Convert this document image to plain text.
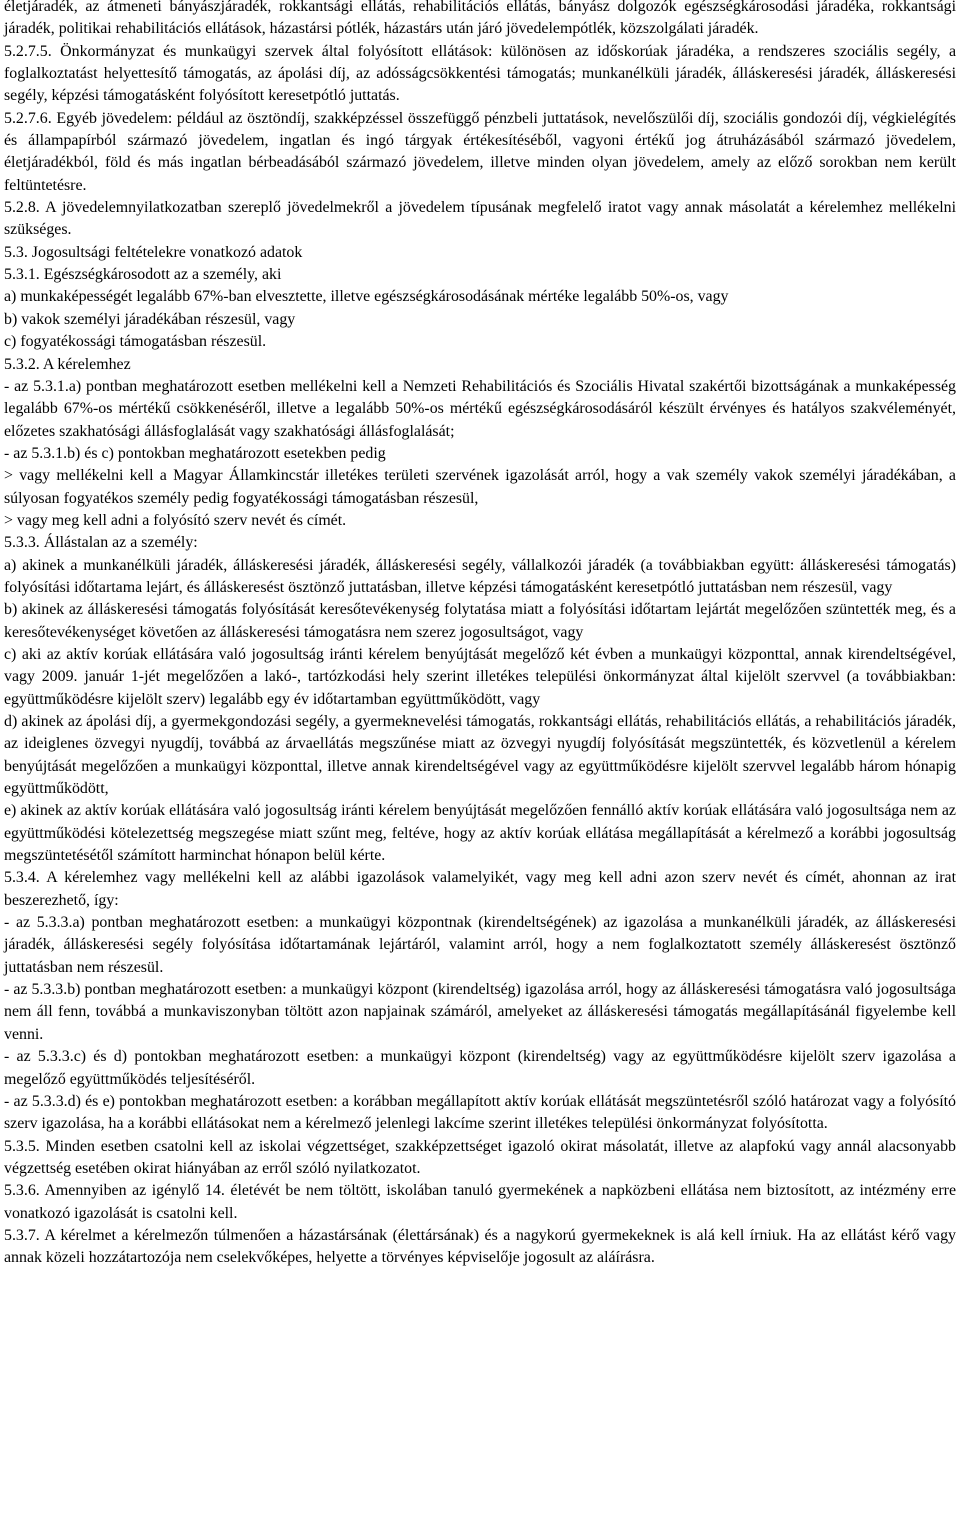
életjáradék, az átmeneti bányászjáradék, rokkantsági ellátás, rehabilitációs ellátás, bányász dolgozók egészségkárosodási járadéka, rokkantsági járadék, politikai rehabilitációs ellátások, házastársi pótlék, házastárs után járó jövedelempótlék, közszolgálati járadék.

5.2.7.5. Önkormányzat és munkaügyi szervek által folyósított ellátások: különösen az időskorúak járadéka, a rendszeres szociális segély, a foglalkoztatást helyettesítő támogatás, az ápolási díj, az adósságcsökkentési támogatás; munkanélküli járadék, álláskeresési járadék, álláskeresési segély, képzési támogatásként folyósított keresetpótló juttatás.

5.2.7.6. Egyéb jövedelem: például az ösztöndíj, szakképzéssel összefüggő pénzbeli juttatások, nevelőszülői díj, szociális gondozói díj, végkielégítés és állampapírból származó jövedelem, ingatlan és ingó tárgyak értékesítéséből, vagyoni értékű jog átruházásából származó jövedelem, életjáradékból, föld és más ingatlan bérbeadásából származó jövedelem, illetve minden olyan jövedelem, amely az előző sorokban nem került feltüntetésre.

5.2.8. A jövedelemnyilatkozatban szereplő jövedelmekről a jövedelem típusának megfelelő iratot vagy annak másolatát a kérelemhez mellékelni szükséges.

5.3. Jogosultsági feltételekre vonatkozó adatok

5.3.1. Egészségkárosodott az a személy, aki

a) munkaképességét legalább 67%-ban elvesztette, illetve egészségkárosodásának mértéke legalább 50%-os, vagy

b) vakok személyi járadékában részesül, vagy

c) fogyatékossági támogatásban részesül.

5.3.2. A kérelemhez

- az 5.3.1.a) pontban meghatározott esetben mellékelni kell a Nemzeti Rehabilitációs és Szociális Hivatal szakértői bizottságának a munkaképesség legalább 67%-os mértékű csökkenéséről, illetve a legalább 50%-os mértékű egészségkárosodásáról készült érvényes és hatályos szakvéleményét, előzetes szakhatósági állásfoglalását vagy szakhatósági állásfoglalását;

- az 5.3.1.b) és c) pontokban meghatározott esetekben pedig

> vagy mellékelni kell a Magyar Államkincstár illetékes területi szervének igazolását arról, hogy a vak személy vakok személyi járadékában, a súlyosan fogyatékos személy pedig fogyatékossági támogatásban részesül,

> vagy meg kell adni a folyósító szerv nevét és címét.

5.3.3. Állástalan az a személy:

a) akinek a munkanélküli járadék, álláskeresési járadék, álláskeresési segély, vállalkozói járadék (a továbbiakban együtt: álláskeresési támogatás) folyósítási időtartama lejárt, és álláskeresést ösztönző juttatásban, illetve képzési támogatásként keresetpótló juttatásban nem részesül, vagy

b) akinek az álláskeresési támogatás folyósítását keresőtevékenység folytatása miatt a folyósítási időtartam lejártát megelőzően szüntették meg, és a keresőtevékenységet követően az álláskeresési támogatásra nem szerez jogosultságot, vagy

c) aki az aktív korúak ellátására való jogosultság iránti kérelem benyújtását megelőző két évben a munkaügyi központtal, annak kirendeltségével, vagy 2009. január 1-jét megelőzően a lakó-, tartózkodási hely szerint illetékes települési önkormányzat által kijelölt szervvel (a továbbiakban: együttműködésre kijelölt szerv) legalább egy év időtartamban együttműködött, vagy

d) akinek az ápolási díj, a gyermekgondozási segély, a gyermeknevelési támogatás, rokkantsági ellátás, rehabilitációs ellátás, a rehabilitációs járadék, az ideiglenes özvegyi nyugdíj, továbbá az árvaellátás megszűnése miatt az özvegyi nyugdíj folyósítását megszüntették, és közvetlenül a kérelem benyújtását megelőzően a munkaügyi központtal, illetve annak kirendeltségével vagy az együttműködésre kijelölt szervvel legalább három hónapig együttműködött,

e) akinek az aktív korúak ellátására való jogosultság iránti kérelem benyújtását megelőzően fennálló aktív korúak ellátására való jogosultsága nem az együttműködési kötelezettség megszegése miatt szűnt meg, feltéve, hogy az aktív korúak ellátása megállapítását a kérelmező a korábbi jogosultság megszüntetésétől számított harminchat hónapon belül kérte.

5.3.4. A kérelemhez vagy mellékelni kell az alábbi igazolások valamelyikét, vagy meg kell adni azon szerv nevét és címét, ahonnan az irat beszerezhető, így:

- az 5.3.3.a) pontban meghatározott esetben: a munkaügyi központnak (kirendeltségének) az igazolása a munkanélküli járadék, az álláskeresési járadék, álláskeresési segély folyósítása időtartamának lejártáról, valamint arról, hogy a nem foglalkoztatott személy álláskeresést ösztönző juttatásban nem részesül.

- az 5.3.3.b) pontban meghatározott esetben: a munkaügyi központ (kirendeltség) igazolása arról, hogy az álláskeresési támogatásra való jogosultsága nem áll fenn, továbbá a munkaviszonyban töltött azon napjainak számáról, amelyeket az álláskeresési támogatás megállapításánál figyelembe kell venni.

- az 5.3.3.c) és d) pontokban meghatározott esetben: a munkaügyi központ (kirendeltség) vagy az együttműködésre kijelölt szerv igazolása a megelőző együttműködés teljesítéséről.

- az 5.3.3.d) és e) pontokban meghatározott esetben: a korábban megállapított aktív korúak ellátását megszüntetésről szóló határozat vagy a folyósító szerv igazolása, ha a korábbi ellátásokat nem a kérelmező jelenlegi lakcíme szerint illetékes települési önkormányzat folyósította.

5.3.5. Minden esetben csatolni kell az iskolai végzettséget, szakképzettséget igazoló okirat másolatát, illetve az alapfokú vagy annál alacsonyabb végzettség esetében okirat hiányában az erről szóló nyilatkozatot.

5.3.6. Amennyiben az igénylő 14. életévét be nem töltött, iskolában tanuló gyermekének a napközbeni ellátása nem biztosított, az intézmény erre vonatkozó igazolását is csatolni kell.

5.3.7. A kérelmet a kérelmezőn túlmenően a házastársának (élettársának) és a nagykorú gyermekeknek is alá kell írniuk. Ha az ellátást kérő vagy annak közeli hozzátartozója nem cselekvőképes, helyette a törvényes képviselője jogosult az aláírásra.
